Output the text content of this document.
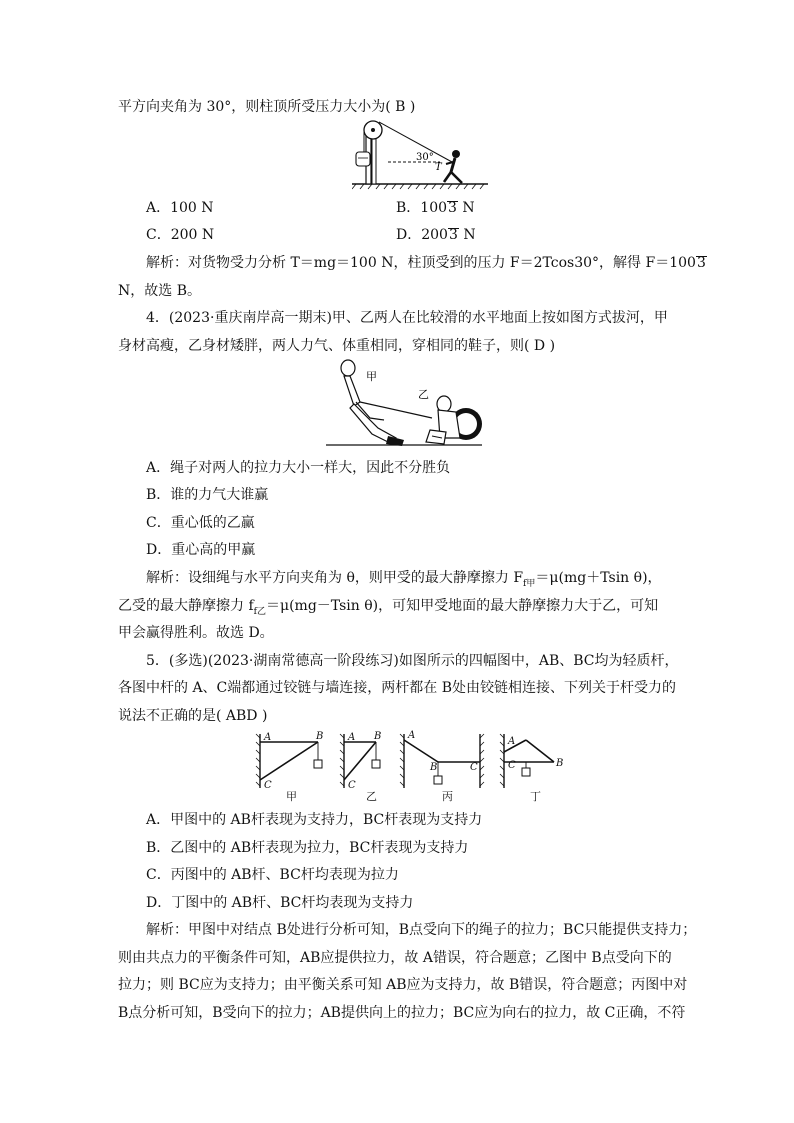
平方向夹角为 30°，则柱顶所受压力大小为( B )
30°
T
A．100 N	B．1003 N
C．200 N	D．2003 N
解析：对货物受力分析 T＝mg＝100 N，柱顶受到的压力 F＝2Tcos30°，解得 F＝1003
N，故选 B。
4．(2023·重庆南岸高一期末)甲、乙两人在比较滑的水平地面上按如图方式拔河，甲
身材高瘦，乙身材矮胖，两人力气、体重相同，穿相同的鞋子，则( D )
甲
乙
A．绳子对两人的拉力大小一样大，因此不分胜负
B．谁的力气大谁赢
C．重心低的乙赢
D．重心高的甲赢
解析：设细绳与水平方向夹角为 θ，则甲受的最大静摩擦力 $F_{f甲}=\mu(mg+Tsin$ θ)，
乙受的最大静摩擦力 $f_{f乙}=\mu(mg-Tsin$ θ)，可知甲受地面的最大静摩擦力大于乙，可知
甲会赢得胜利。故选 D。
5．(多选)(2023·湖南常德高一阶段练习)如图所示的四幅图中，AB、BC均为轻质杆，
各图中杆的 A、C端都通过铰链与墙连接，两杆都在 B处由铰链相连接、下列关于杆受力的
说法不正确的是( ABD )
A	B
C
A B
C
A
B	C
A
B
C
甲	乙	丙	丁
A．甲图中的 AB杆表现为支持力，BC杆表现为支持力
B．乙图中的 AB杆表现为拉力，BC杆表现为支持力
C．丙图中的 AB杆、BC杆均表现为拉力
D．丁图中的 AB杆、BC杆均表现为支持力
解析：甲图中对结点 B处进行分析可知，B点受向下的绳子的拉力；BC只能提供支持力；
则由共点力的平衡条件可知，AB应提供拉力，故 A错误，符合题意；乙图中 B点受向下的
拉力；则 BC应为支持力；由平衡关系可知 AB应为支持力，故 B错误，符合题意；丙图中对
B点分析可知，B受向下的拉力；AB提供向上的拉力；BC应为向右的拉力，故 C正确，不符
